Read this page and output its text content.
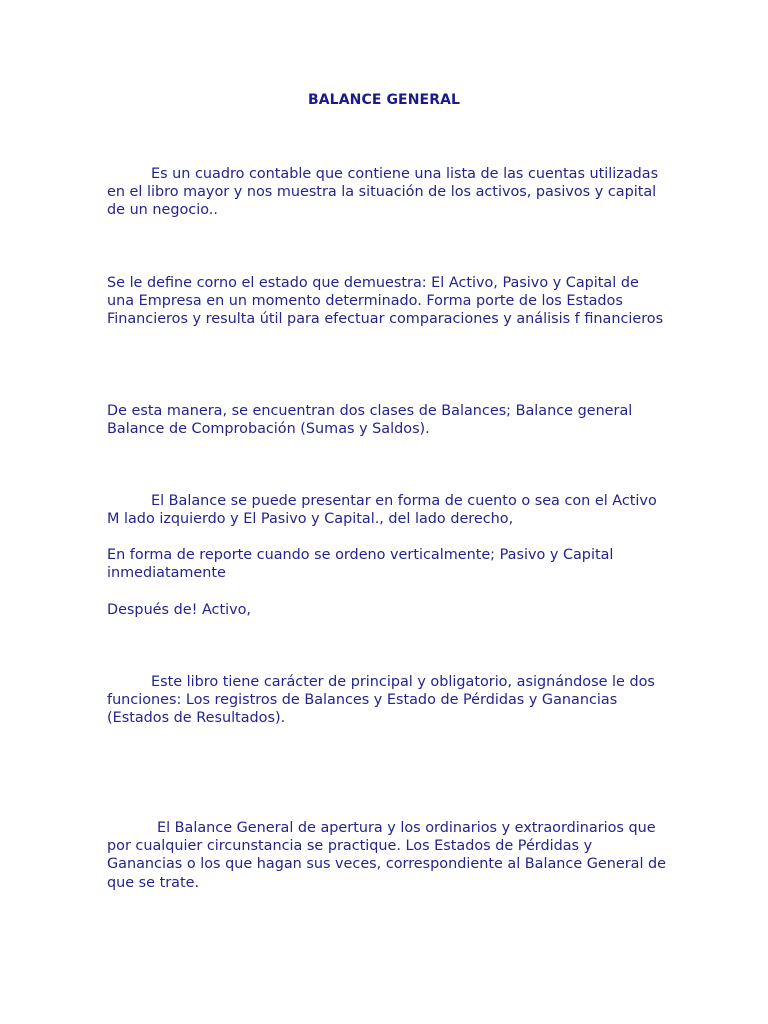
BALANCE GENERAL

Es un cuadro contable que contiene una lista de las cuentas utilizadas en el libro mayor y nos muestra la situación de los activos, pasivos y capital de un negocio..

Se le define corno el estado que demuestra: El Activo, Pasivo y Capital de una Empresa en un momento determinado. Forma porte de los Estados Financieros y resulta útil para efectuar comparaciones y análisis f financieros

De esta manera, se encuentran dos clases de Balances; Balance general Balance de Comprobación (Sumas y Saldos).

El Balance se puede presentar en forma de cuento o sea con el Activo M lado izquierdo y El Pasivo y Capital., del lado derecho,

En forma de reporte cuando se ordeno verticalmente; Pasivo y Capital inmediatamente

Después de! Activo,

Este libro tiene carácter de principal y obligatorio, asignándose le dos funciones: Los registros de Balances y Estado de Pérdidas y Ganancias (Estados de Resultados).

El Balance General de apertura y los ordinarios y extraordinarios que por cualquier circunstancia se practique. Los Estados de Pérdidas y Ganancias o los que hagan sus veces, correspondiente al Balance General de que se trate.
